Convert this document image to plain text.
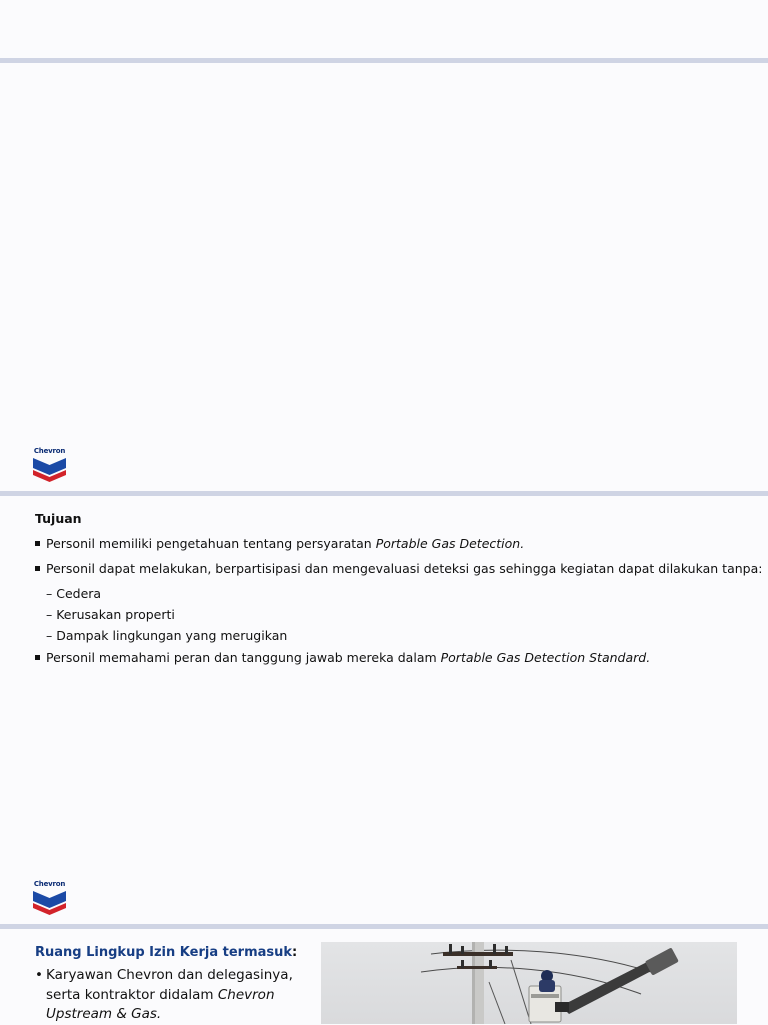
Chevron
Tujuan
Personil memiliki pengetahuan tentang persyaratan Portable Gas Detection.
Personil dapat melakukan, berpartisipasi dan mengevaluasi deteksi gas sehingga kegiatan dapat dilakukan tanpa:
– Cedera
– Kerusakan properti
– Dampak lingkungan yang merugikan
Personil memahami peran dan tanggung jawab mereka dalam Portable Gas Detection Standard.
Chevron
Ruang Lingkup Izin Kerja termasuk:
• Karyawan Chevron dan delegasinya,
serta kontraktor didalam Chevron
Upstream & Gas.
